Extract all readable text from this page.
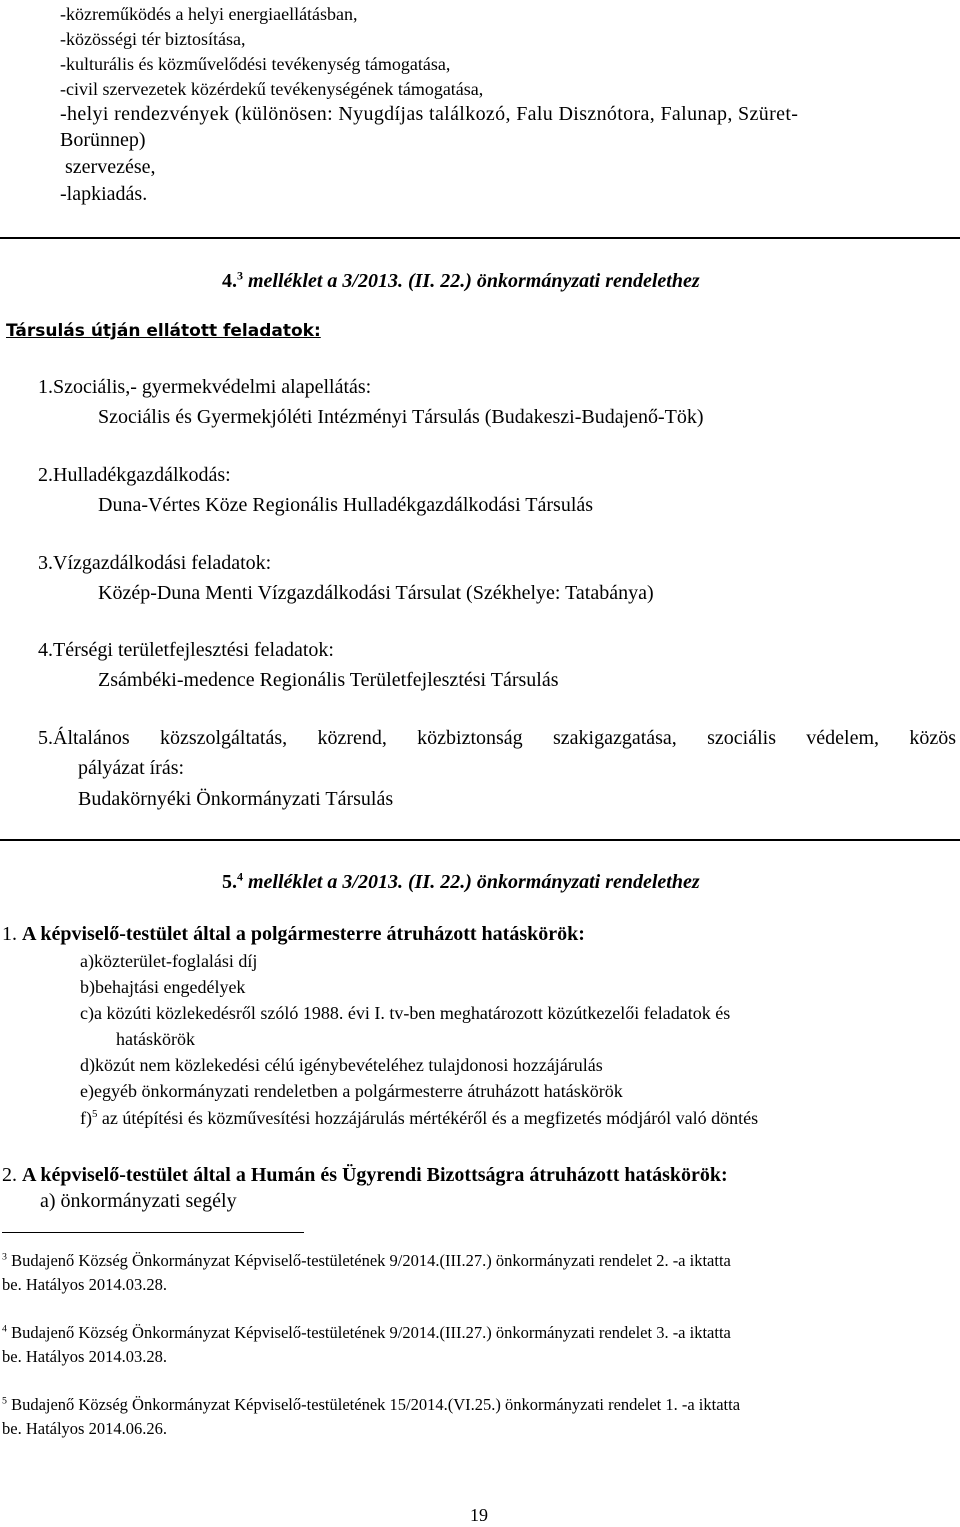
-közreműködés a helyi energiaellátásban,
-közösségi tér biztosítása,
-kulturális és közművelődési tevékenység támogatása,
-civil szervezetek közérdekű tevékenységének támogatása,
-helyi rendezvények (különösen: Nyugdíjas találkozó, Falu Disznótora, Falunap, Szüret-
Borünnep)
szervezése,
-lapkiadás.
4.$^3$ melléklet a 3/2013. (II. 22.) önkormányzati rendelethez
Társulás útján ellátott feladatok:
1.Szociális,- gyermekvédelmi alapellátás:
Szociális és Gyermekjóléti Intézményi Társulás (Budakeszi-Budajenő-Tök)
2.Hulladékgazdálkodás:
Duna-Vértes Köze Regionális Hulladékgazdálkodási Társulás
3.Vízgazdálkodási feladatok:
Közép-Duna Menti Vízgazdálkodási Társulat (Székhelye: Tatabánya)
4.Térségi területfejlesztési feladatok:
Zsámbéki-medence Regionális Területfejlesztési Társulás
5.Általános közszolgáltatás, közrend, közbiztonság szakigazgatása, szociális védelem, közös
pályázat írás:
Budakörnyéki Önkormányzati Társulás
5.$^4$ melléklet a 3/2013. (II. 22.) önkormányzati rendelethez
1. A képviselő-testület által a polgármesterre átruházott hatáskörök:
a)közterület-foglalási díj
b)behajtási engedélyek
c)a közúti közlekedésről szóló 1988. évi I. tv-ben meghatározott közútkezelői feladatok és
hatáskörök
d)közút nem közlekedési célú igénybevételéhez tulajdonosi hozzájárulás
e)egyéb önkormányzati rendeletben a polgármesterre átruházott hatáskörök
f)$^5$ az útépítési és közművesítési hozzájárulás mértékéről és a megfizetés módjáról való döntés
2. A képviselő-testület által a Humán és Ügyrendi Bizottságra átruházott hatáskörök:
a) önkormányzati segély
$^3$ Budajenő Község Önkormányzat Képviselő-testületének 9/2014.(III.27.) önkormányzati rendelet 2. -a iktatta
be. Hatályos 2014.03.28.
$^4$ Budajenő Község Önkormányzat Képviselő-testületének 9/2014.(III.27.) önkormányzati rendelet 3. -a iktatta
be. Hatályos 2014.03.28.
$^5$ Budajenő Község Önkormányzat Képviselő-testületének 15/2014.(VI.25.) önkormányzati rendelet 1. -a iktatta
be. Hatályos 2014.06.26.
19
